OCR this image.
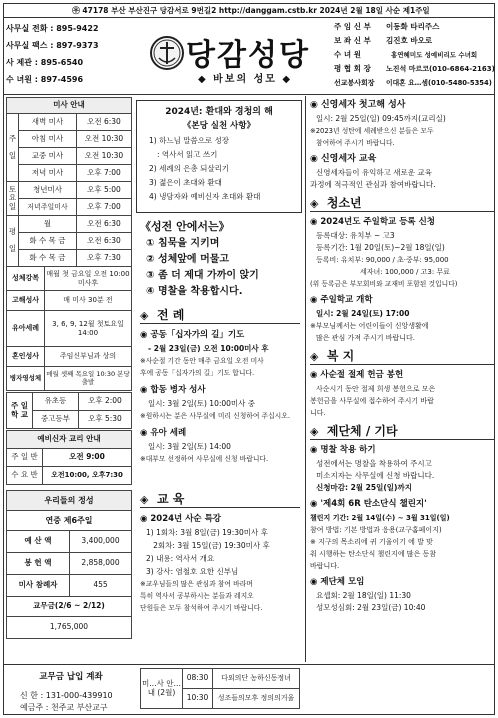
㉾ 47178 부산 부산진구 당감서로 9번길2 http://danggam.cstb.kr 2024년 2월 18일 사순 제1주일
사무실 전화 : 895-9422
사무실 팩스 : 897-9373
사 제관 : 895-6540
수 녀원 : 897-4596
당감성당
◆ 바보의 성모 ◆
주 임 신 부 이동화 타리주스
보 좌 신 부 김진호 바오로
수 녀 원	홍연혜미도 성예비리도 수녀회
평 협 회 장 노진석 마르코(010-6864-2163)
선교봉사회장 이대혼 요…셈(010-5480-5354)
미사 안내		
주

일	새벽 미사	오전 6:30
	아침 미사	오전 10:30
	교중 미사	오전 10:30
	저녁 미사	오후 7:00
토
요
일	청년미사	오후 5:00
	저녁주일미사	오후 7:00
평

일	월	오전 6:30
	화 수 목 금	오전 6:30
	화 수 목 금	오후 7:30
성체강복	매월 첫 금요일 오전 10:00 미사후
고해성사	매 미사 30분 전
유아세례	3, 6, 9, 12월 첫토요일 14:00
혼인성사	주임신부님과 상의
병자영성체	매월 셋째 목요일 10:30 본당 출발
주 일 학 교	유초등	오후 2:00
	중고등부	오후 5:30
예비신자 교리 안내	
주 일 반	오전 9:00
수 요 반	오전10:00, 오후7:30
우리들의 정성	
연중 제6주일	
예 산 액	3,400,000
봉 헌 액	2,858,000
미사 참례자	455
교무금(2/6 ~ 2/12)	
1,765,000	
교무금 납입 계좌
신 한 : 131-000-439910
예금주 : 천주교 부산교구
2024년: 환대와 경청의 해
《본당 실천 사항》
1) 하느님 말씀으로 성장
: 역사서 읽고 쓰기
2) 세례의 은총 되살리기
3) 젊은이 초대와 환대
4) 냉담자와 예비신자 초대와 환대
《성전 안에서는》
① 침묵을 지키며
② 성체앞에 머물고
③ 좀 더 제대 가까이 앉기
④ 명찰을 착용합시다.
◈ 전 례
◉ 공동「십자가의 길」기도
- 2월 23일(금) 오전 10:00미사 후
※사순절 기간 동안 매주 금요일 오전 미사
후에 공동「십자가의 길」기도 합니다.
◉ 합동 병자 성사
일시: 3월 2일(토) 10:00미사 중
※원하시는 분은 사무실에 미리 신청하여 주십시오.
◉ 유아 세례
일시: 3월 2일(토) 14:00
※대부모 선정하여 사무실에 신청 바랍니다.
◈ 교 육
◉ 2024년 사순 특강
1) 1회차: 3월 8일(금) 19:30미사 후
2회차: 3월 15일(금) 19:30미사 후
2) 내용: 역사서 개요
3) 강사: 염철호 요한 신부님
※교우님들의 많은 관심과 참여 바라며
특히 역사서 공부하시는 분들과 레지오
단원들은 모두 참석하여 주시기 바랍니다.
미…사 안…내 (2월)	08:30	다외의단 농하신동정녀
	10:30	성조들의모후 정의의거울
◉ 신영세자 첫고해 성사
일시: 2월 25일(일) 09:45까지(교리실)
※2023년 성탄에 세례받으신 분들은 모두
참여하여 주시기 바랍니다.
◉ 신영세자 교육
신영세자들이 유익하고 새로운 교육
과정에 적극적인 관심과 참여바랍니다.
◈ 청소년
◉ 2024년도 주일학교 등록 신청
등록대상: 유치부 ~ 고3
등록기간: 1월 20일(토)~2월 18일(일)
등록비: 유치부: 90,000 / 초·중부: 95,000
세자녀: 100,000 / 고3: 무료
(위 등록금은 부모회비와 교재비 포함된 것입니다)
◉ 주일학교 개학
일시: 2월 24일(토) 17:00
※부모님께서는 어린이들이 신앙생활에
많은 관심 가져 주시기 바랍니다.
◈ 복 지
◉ 사순절 절제 헌금 봉헌
사순시기 동안 절제 희생 봉헌으로 모은
봉헌금을 사무실에 접수하여 주시기 바랍
니다.
◈ 제단체 / 기타
◉ 명찰 착용 하기
성전에서는 명찰을 착용하여 주시고
미소지자는 사무실에 신청 바랍니다.
신청마감: 2월 25일(일)까지
◉ '제4회 6R 탄소단식 챌린지'
챌린지 기간: 2월 14일(수) ~ 3월 31일(일)
참여 방법: 기본 방법과 응용(교구홈페이지)
※ 지구의 목소리에 귀 기울이기 에 발 맞
춰 시행하는 탄소단식 챌린지에 많은 동참
바랍니다.
◉ 제단체 모임
요셉회: 2월 18일(일) 11:30
성모성심회: 2월 23일(금) 10:40
